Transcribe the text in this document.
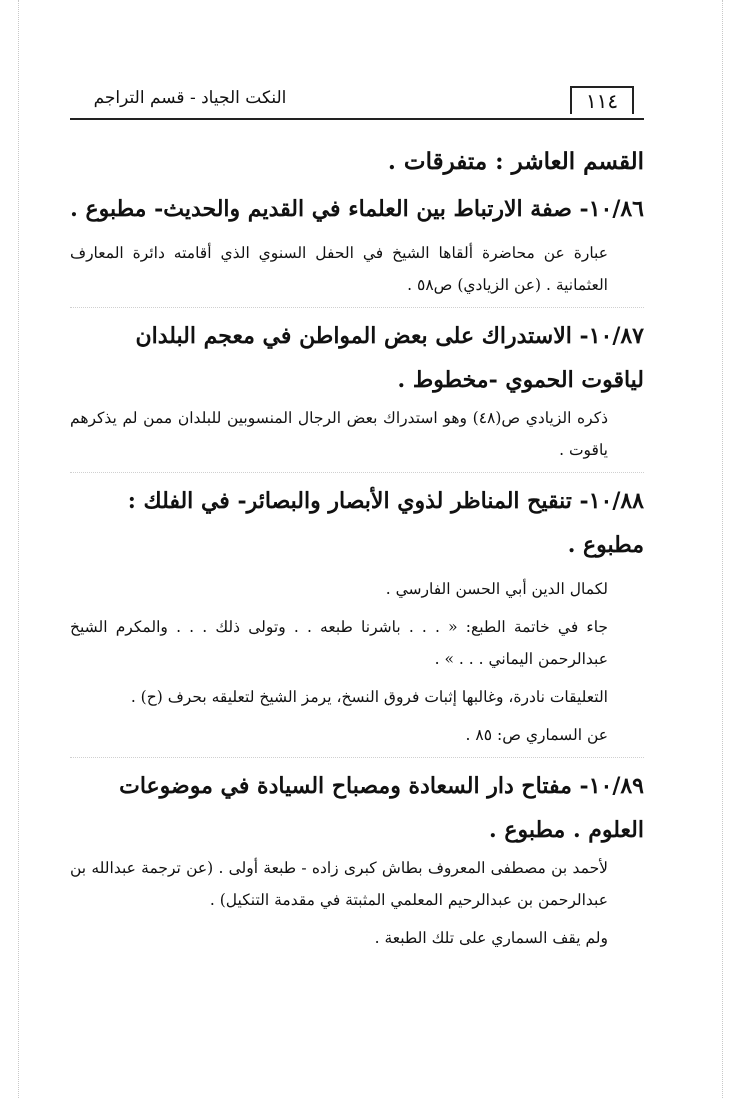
١١٤
النكت الجياد - قسم التراجم
القسم العاشر : متفرقات .
١٠/٨٦- صفة الارتباط بين العلماء في القديم والحديث- مطبوع .

عبارة عن محاضرة ألقاها الشيخ في الحفل السنوي الذي أقامته دائرة المعارف العثمانية . (عن الزيادي) ص٥٨ .

١٠/٨٧- الاستدراك على بعض المواطن في معجم البلدان لياقوت الحموي -مخطوط .

ذكره الزيادي ص(٤٨) وهو استدراك بعض الرجال المنسوبين للبلدان ممن لم يذكرهم ياقوت .

١٠/٨٨- تنقيح المناظر لذوي الأبصار والبصائر- في الفلك : مطبوع .

لكمال الدين أبي الحسن الفارسي .

جاء في خاتمة الطبع: « . . . باشرنا طبعه . . وتولى ذلك . . . والمكرم الشيخ عبدالرحمن اليماني . . . » .

التعليقات نادرة، وغالبها إثبات فروق النسخ، يرمز الشيخ لتعليقه بحرف (ح) .

عن السماري ص: ٨٥ .

١٠/٨٩- مفتاح دار السعادة ومصباح السيادة في موضوعات العلوم . مطبوع .

لأحمد بن مصطفى المعروف بطاش كبرى زاده - طبعة أولى . (عن ترجمة عبدالله بن عبدالرحمن بن عبدالرحيم المعلمي المثبتة في مقدمة التنكيل) .

ولم يقف السماري على تلك الطبعة .
